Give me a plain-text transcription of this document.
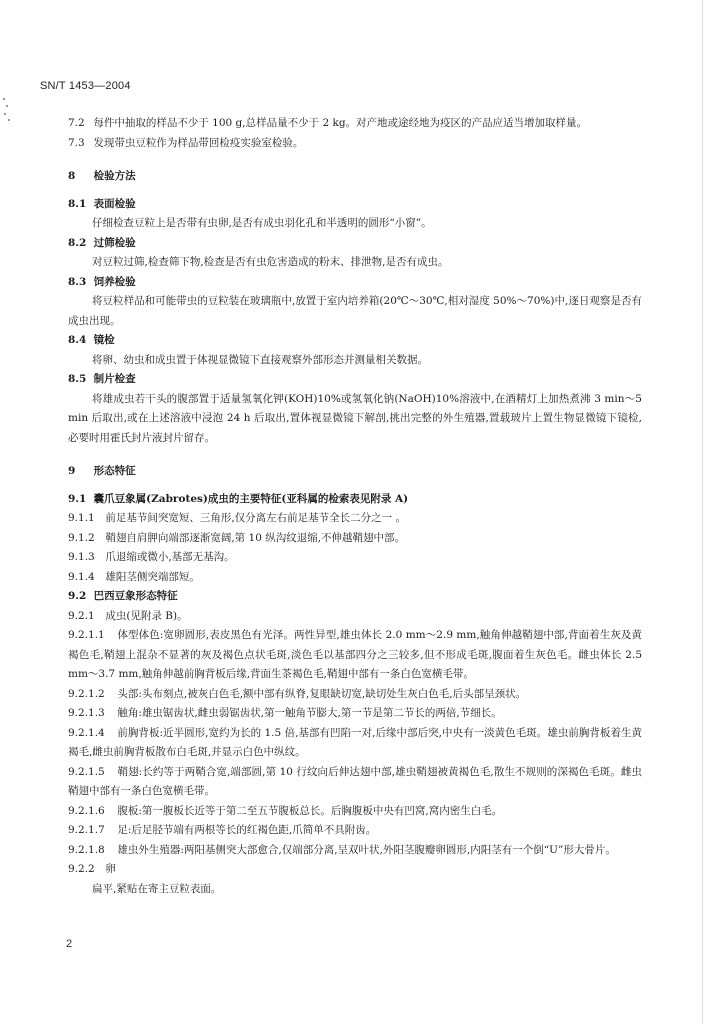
SN/T 1453—2004

7.2 每件中抽取的样品不少于 100 g,总样品量不少于 2 kg。对产地或途经地为疫区的产品应适当增加取样量。

7.3 发现带虫豆粒作为样品带回检疫实验室检验。

8 检验方法

8.1 表面检验

仔细检查豆粒上是否带有虫卵,是否有成虫羽化孔和半透明的圆形“小窗”。

8.2 过筛检验

对豆粒过筛,检查筛下物,检查是否有虫危害造成的粉末、排泄物,是否有成虫。

8.3 饲养检验

将豆粒样品和可能带虫的豆粒装在玻璃瓶中,放置于室内培养箱(20℃～30℃,相对湿度 50%～70%)中,逐日观察是否有成虫出现。

8.4 镜检

将卵、幼虫和成虫置于体视显微镜下直接观察外部形态并测量相关数据。

8.5 制片检查

将雄成虫若干头的腹部置于适量氢氧化钾(KOH)10%或氢氧化钠(NaOH)10%溶液中,在酒精灯上加热煮沸 3 min～5 min 后取出,或在上述溶液中浸泡 24 h 后取出,置体视显微镜下解剖,挑出完整的外生殖器,置载玻片上置生物显微镜下镜检,必要时用霍氏封片液封片留存。

9 形态特征

9.1 囊爪豆象属(Zabrotes)成虫的主要特征(亚科属的检索表见附录 A)

9.1.1 前足基节间突宽短、三角形,仅分离左右前足基节全长二分之一 。

9.1.2 鞘翅自肩胛向端部逐渐宽阔,第 10 纵沟纹退缩,不伸越鞘翅中部。

9.1.3 爪退缩或微小,基部无基沟。

9.1.4 雄阳茎侧突端部短。

9.2 巴西豆象形态特征

9.2.1 成虫(见附录 B)。

9.2.1.1 体型体色:宽卵圆形,表皮黑色有光泽。两性异型,雄虫体长 2.0 mm～2.9 mm,触角伸越鞘翅中部,背面着生灰及黄褐色毛,鞘翅上混杂不显著的灰及褐色点状毛斑,淡色毛以基部四分之三较多,但不形成毛斑,腹面着生灰色毛。雌虫体长 2.5 mm～3.7 mm,触角伸越前胸背板后缘,背面生茶褐色毛,鞘翅中部有一条白色宽横毛带。

9.2.1.2 头部:头布刻点,被灰白色毛,额中部有纵脊,复眼缺切宽,缺切处生灰白色毛,后头部呈颈状。

9.2.1.3 触角:雄虫锯齿状,雌虫弱锯齿状,第一触角节膨大,第一节是第二节长的两倍,节细长。

9.2.1.4 前胸背板:近半圆形,宽约为长的 1.5 倍,基部有凹陷一对,后缘中部后突,中央有一淡黄色毛斑。雄虫前胸背板着生黄褐毛,雌虫前胸背板散布白毛斑,并显示白色中纵纹。

9.2.1.5 鞘翅:长约等于两鞘合宽,端部圆,第 10 行纹向后伸达翅中部,雄虫鞘翅被黄褐色毛,散生不规则的深褐色毛斑。雌虫鞘翅中部有一条白色宽横毛带。

9.2.1.6 腹板:第一腹板长近等于第二至五节腹板总长。后胸腹板中央有凹窝,窝内密生白毛。

9.2.1.7 足:后足胫节端有两根等长的红褐色距,爪简单不具附齿。

9.2.1.8 雄虫外生殖器:两阳基侧突大部愈合,仅端部分离,呈双叶状,外阳茎腹瓣卵圆形,内阳茎有一个倒“U”形大骨片。

9.2.2 卵

扁平,紧贴在寄主豆粒表面。

2
